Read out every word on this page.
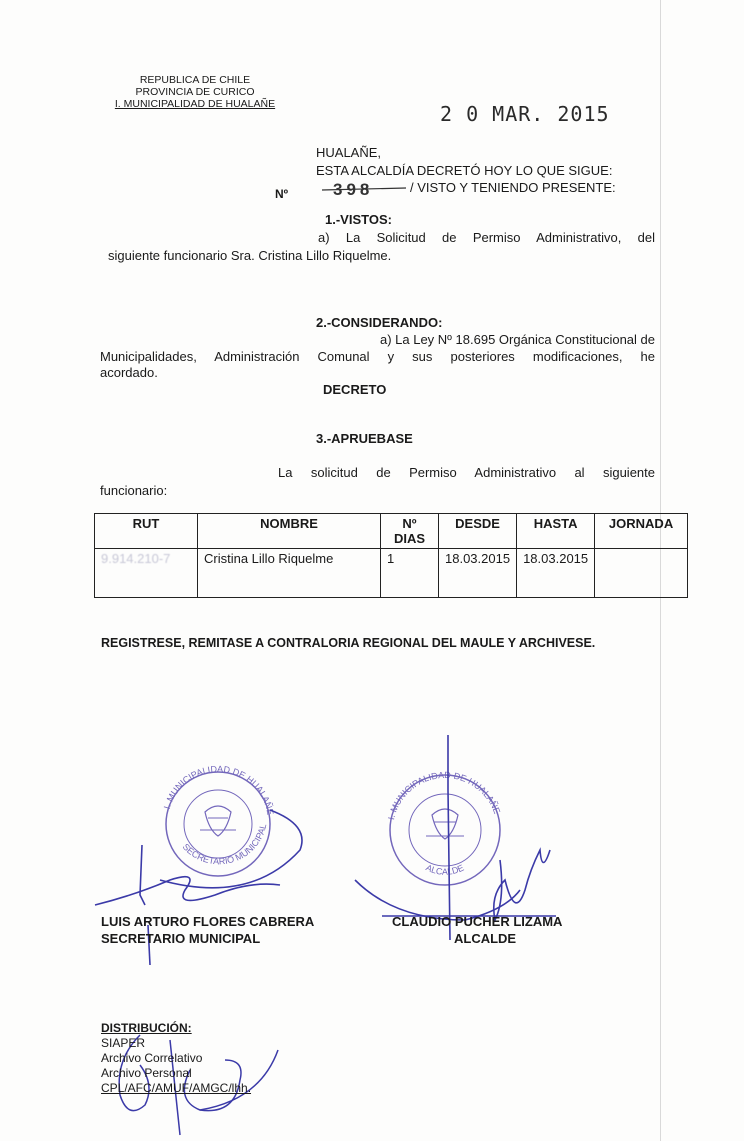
REPUBLICA DE CHILE
PROVINCIA DE CURICO
I. MUNICIPALIDAD DE HUALAÑE	2 0 MAR. 2015
HUALAÑE,
ESTA ALCALDÍA DECRETÓ HOY LO QUE SIGUE:
Nº	398	/ VISTO Y TENIENDO PRESENTE:
1.-VISTOS:
a) La Solicitud de Permiso Administrativo, del
siguiente funcionario Sra. Cristina Lillo Riquelme.
2.-CONSIDERANDO:
a) La Ley Nº 18.695 Orgánica Constitucional de
Municipalidades, Administración Comunal y sus posteriores modificaciones, he
acordado.
DECRETO
3.-APRUEBASE
La solicitud de Permiso Administrativo al siguiente
funcionario:
RUT	NOMBRE	Nº DIAS	DESDE	HASTA	JORNADA
9.914.210-7	Cristina Lillo Riquelme	1	18.03.2015	18.03.2015	
REGISTRESE, REMITASE A CONTRALORIA REGIONAL DEL MAULE Y ARCHIVESE.
I. MUNICIPALIDAD DE HUALAÑE
SECRETARIO MUNICIPAL
I. MUNICIPALIDAD DE HUALAÑE
ALCALDE
LUIS ARTURO FLORES CABRERA
SECRETARIO MUNICIPAL
CLAUDIO PUCHER LIZAMA
ALCALDE
DISTRIBUCIÓN:
SIAPER
Archivo Correlativo
Archivo Personal
CPL/AFC/AMUF/AMGC/lhh.
